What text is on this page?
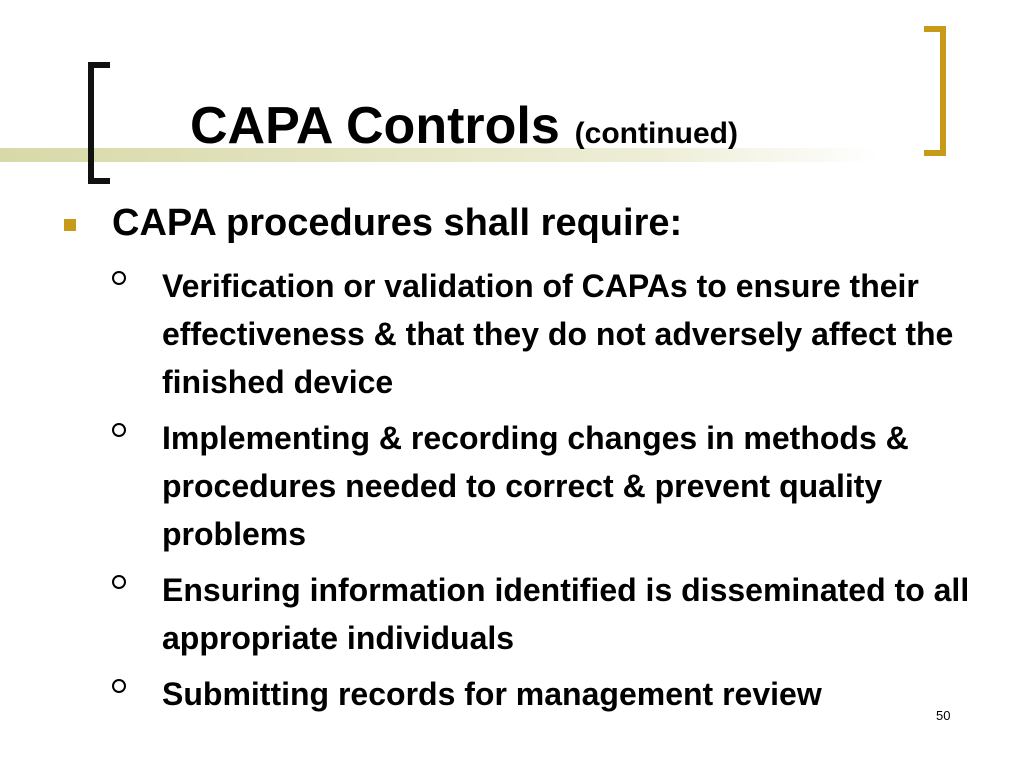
CAPA Controls (continued)
CAPA procedures shall require:
Verification or validation of CAPAs to ensure their effectiveness & that they do not adversely affect the finished device
Implementing & recording changes in methods & procedures needed to correct & prevent quality problems
Ensuring information identified is disseminated to all appropriate individuals
Submitting records for management review
50
